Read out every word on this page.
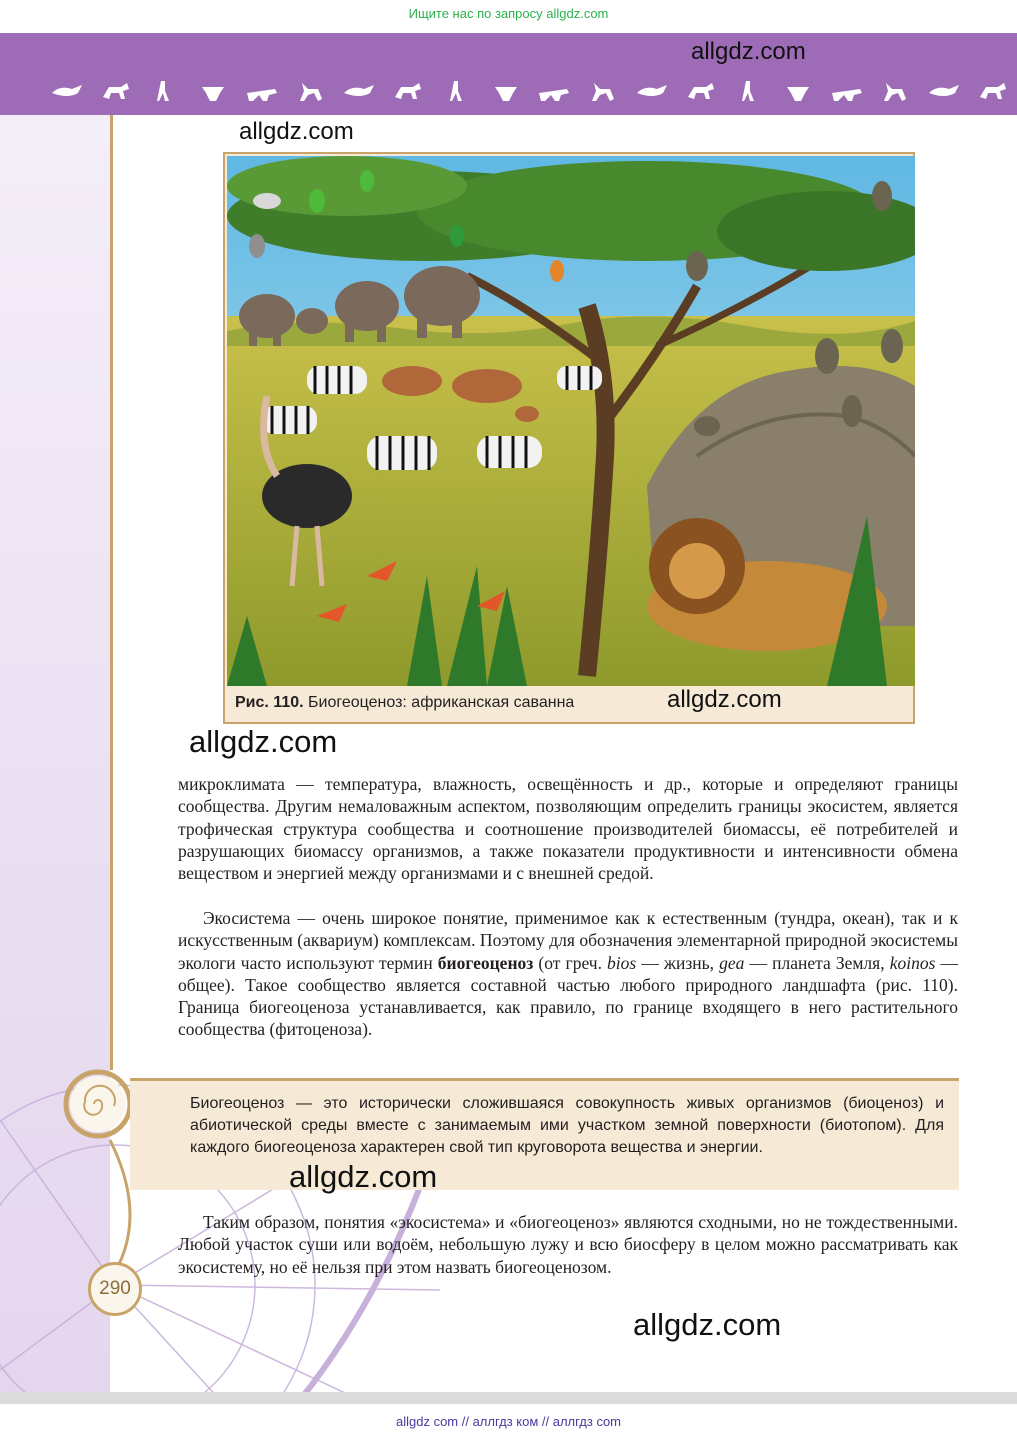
Ищите нас по запросу allgdz.com
allgdz.com
allgdz.com
Рис. 110. Биогеоценоз: африканская саванна	allgdz.com
allgdz.com

микроклимата — температура, влажность, освещённость и др., которые и определяют границы сообщества. Другим немаловажным аспектом, позволяющим определить границы экосистем, является трофическая структура сообщества и соотношение производителей биомассы, её потребителей и разрушающих биомассу организмов, а также показатели продуктивности и интенсивности обмена веществом и энергией между организмами и с внешней средой.

Экосистема — очень широкое понятие, применимое как к естественным (тундра, океан), так и к искусственным (аквариум) комплексам. Поэтому для обозначения элементарной природной экосистемы экологи часто используют термин биогеоценоз (от греч. bios — жизнь, gea — планета Земля, koinos — общее). Такое сообщество является составной частью любого природного ландшафта (рис. 110). Граница биогеоценоза устанавливается, как правило, по границе входящего в него растительного сообщества (фитоценоза).

Биогеоценоз — это исторически сложившаяся совокупность живых организмов (биоценоз) и абиотической среды вместе с занимаемым ими участком земной поверхности (биотопом). Для каждого биогеоценоза характерен свой тип круговорота вещества и энергии.

allgdz.com

Таким образом, понятия «экосистема» и «биогеоценоз» являются сходными, но не тождественными. Любой участок суши или водоём, небольшую лужу и всю биосферу в целом можно рассматривать как экосистему, но её нельзя при этом назвать биогеоценозом.

290
allgdz.com
allgdz com // аллгдз ком // аллгдз com
